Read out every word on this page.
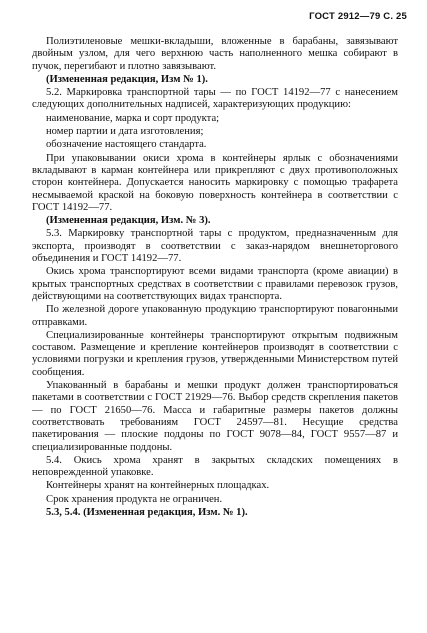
ГОСТ 2912—79 С. 25

Полиэтиленовые мешки-вкладыши, вложенные в барабаны, завязывают двойным узлом, для чего верхнюю часть наполненного мешка собирают в пучок, перегибают и плотно завязывают.

(Измененная редакция, Изм № 1).

5.2. Маркировка транспортной тары — по ГОСТ 14192—77 с нанесением следующих дополнительных надписей, характеризующих продукцию:

наименование, марка и сорт продукта;

номер партии и дата изготовления;

обозначение настоящего стандарта.

При упаковывании окиси хрома в контейнеры ярлык с обозначениями вкладывают в карман контейнера или прикрепляют с двух противоположных сторон контейнера. Допускается наносить маркировку с помощью трафарета несмываемой краской на боковую поверхность контейнера в соответствии с ГОСТ 14192—77.

(Измененная редакция, Изм. № 3).

5.3. Маркировку транспортной тары с продуктом, предназначенным для экспорта, производят в соответствии с заказ-нарядом внешнеторгового объединения и ГОСТ 14192—77.

Окись хрома транспортируют всеми видами транспорта (кроме авиации) в крытых транспортных средствах в соответствии с правилами перевозок грузов, действующими на соответствующих видах транспорта.

По железной дороге упакованную продукцию транспортируют повагонными отправками.

Специализированные контейнеры транспортируют открытым подвижным составом. Размещение и крепление контейнеров производят в соответствии с условиями погрузки и крепления грузов, утвержденными Министерством путей сообщения.

Упакованный в барабаны и мешки продукт должен транспортироваться пакетами в соответствии с ГОСТ 21929—76. Выбор средств скрепления пакетов — по ГОСТ 21650—76. Масса и габаритные размеры пакетов должны соответствовать требованиям ГОСТ 24597—81. Несущие средства пакетирования — плоские поддоны по ГОСТ 9078—84, ГОСТ 9557—87 и специализированные поддоны.

5.4. Окись хрома хранят в закрытых складских помещениях в неповрежденной упаковке.

Контейнеры хранят на контейнерных площадках.

Срок хранения продукта не ограничен.

5.3, 5.4. (Измененная редакция, Изм. № 1).
